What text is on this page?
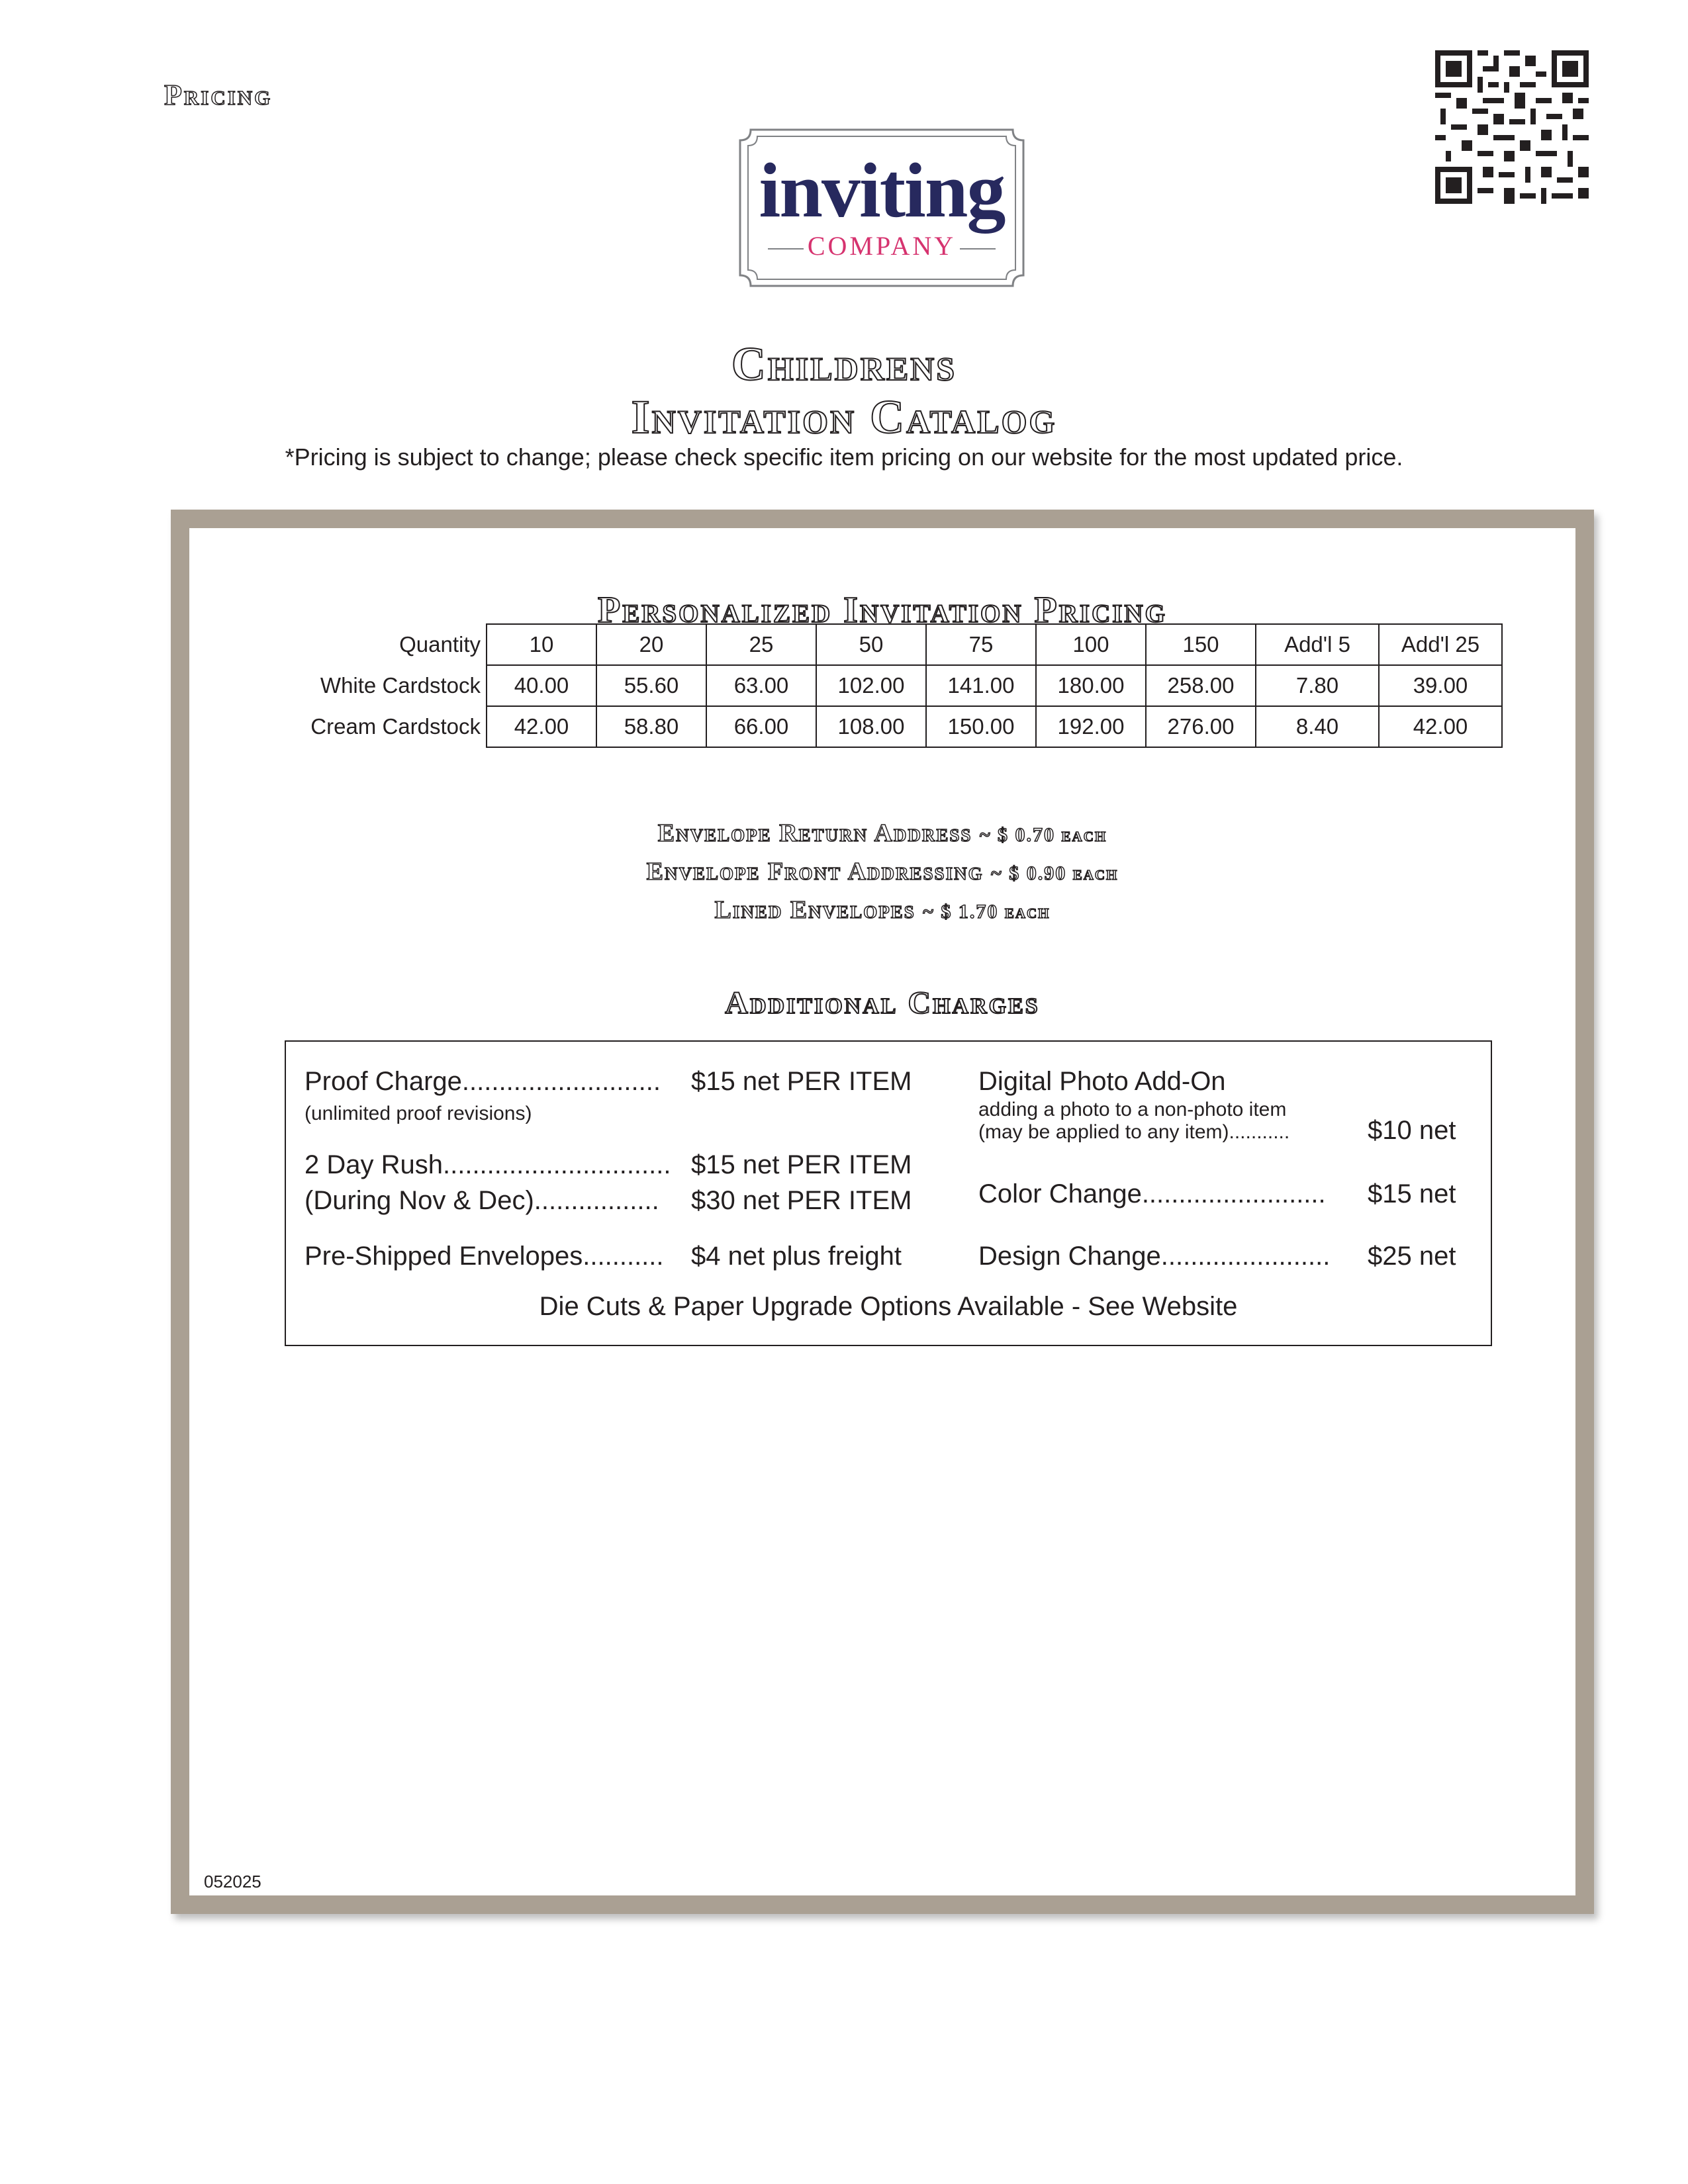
Pricing
inviting
COMPANY
Childrens
Invitation Catalog
*Pricing is subject to change; please check specific item pricing on our website for the most updated price.
Personalized Invitation Pricing
Quantity	10	20	25	50	75	100	150	Add'l 5	Add'l 25
White Cardstock	40.00	55.60	63.00	102.00	141.00	180.00	258.00	7.80	39.00
Cream Cardstock	42.00	58.80	66.00	108.00	150.00	192.00	276.00	8.40	42.00
Envelope Return Address ~ $ 0.70 each
Envelope Front Addressing ~ $ 0.90 each
Lined Envelopes ~ $ 1.70 each
Additional Charges
Proof Charge........................... $15 net PER ITEM
(unlimited proof revisions)
2 Day Rush............................... $15 net PER ITEM
(During Nov & Dec)................. $30 net PER ITEM
Pre-Shipped Envelopes........... $4 net plus freight
Digital Photo Add-On
adding a photo to a non-photo item
(may be applied to any item)...........	$10 net
Color Change......................... $15 net
Design Change....................... $25 net
Die Cuts & Paper Upgrade Options Available - See Website
052025
